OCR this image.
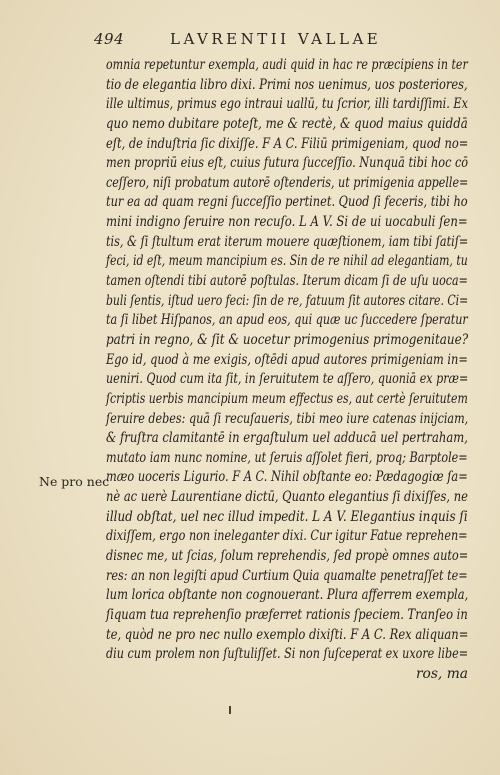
494	LAVRENTII VALLAE
Ne pro nec
omnia repetuntur exempla, audi quid in hac re præcipiens in ter
tio de elegantia libro dixi. Primi nos uenimus, uos posteriores,
ille ultimus, primus ego intraui uallū, tu ſcrior, illi tardiſſimi. Ex
quo nemo dubitare poteſt, me & rectè, & quod maius quiddā
eſt, de induſtria ſic dixiſſe. F A C. Filiū primigeniam, quod no=
men propriū eius eſt, cuius futura ſucceſſio. Nunquā tibi hoc cō
ceſſero, niſi probatum autorē oſtenderis, ut primigenia appelle=
tur ea ad quam regni ſucceſſio pertinet. Quod ſi feceris, tibi ho
mini indigno ſeruire non recuſo. L A V. Si de ui uocabuli ſen=
tis, & ſi ſtultum erat iterum mouere quæſtionem, iam tibi ſatiſ=
feci, id eſt, meum mancipium es. Sin de re nihil ad elegantiam, tu
tamen oſtendi tibi autorē poſtulas. Iterum dicam ſi de uſu uoca=
buli ſentis, iſtud uero feci: ſin de re, fatuum ſit autores citare. Ci=
ta ſi libet Hiſpanos, an apud eos, qui quæ uc ſuccedere ſperatur
patri in regno, & ſit & uocetur primogenius primogenitaue?
Ego id, quod à me exigis, oſtēdi apud autores primigeniam in=
ueniri. Quod cum ita ſit, in ſeruitutem te aſſero, quoniā ex præ=
ſcriptis uerbis mancipium meum effectus es, aut certè ſeruitutem
ſeruire debes: quā ſi recuſaueris, tibi meo iure catenas inijciam,
& fruſtra clamitantē in ergaſtulum uel adducā uel pertraham,
mutato iam nunc nomine, ut ſeruis aſſolet fieri, proq; Barptole=
mæo uoceris Ligurio. F A C. Nihil obſtante eo: Pædagogiœ ſa=
nè ac uerè Laurentiane dictū, Quanto elegantius ſi dixiſſes, ne
illud obſtat, uel nec illud impedit. L A V. Elegantius inquis ſi
dixiſſem, ergo non ineleganter dixi. Cur igitur Fatue reprehen=
disnec me, ut ſcias, ſolum reprehendis, ſed propè omnes auto=
res: an non legiſti apud Curtium Quia quamalte penetraſſet te=
lum lorica obſtante non cognouerant. Plura afferrem exempla,
ſiquam tua reprehenſio præferret rationis ſpeciem. Tranſeo in
te, quòd ne pro nec nullo exemplo dixiſti. F A C. Rex aliquan=
diu cum prolem non ſuſtuliſſet. Si non ſuſceperat ex uxore libe=
ros, ma
